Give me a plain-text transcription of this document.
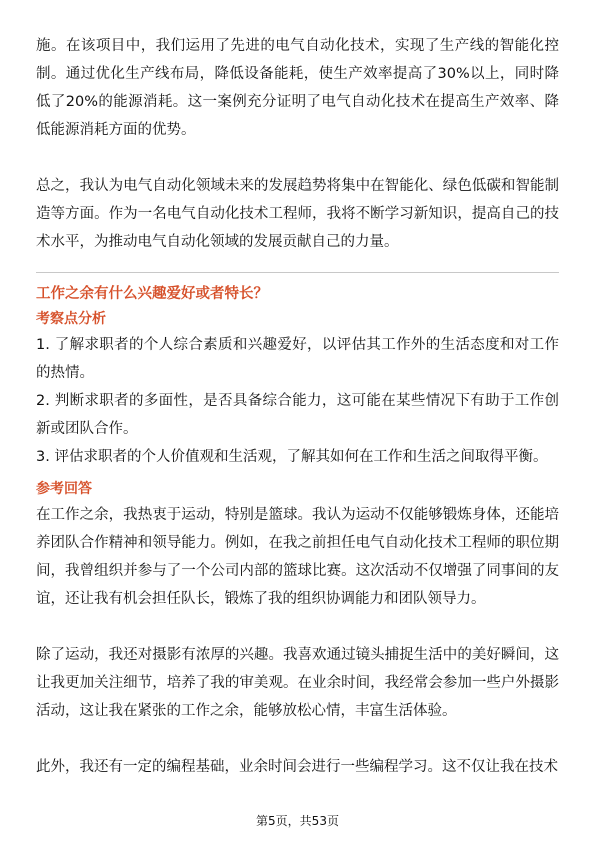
施。在该项目中，我们运用了先进的电气自动化技术，实现了生产线的智能化控制。通过优化生产线布局，降低设备能耗，使生产效率提高了30%以上，同时降低了20%的能源消耗。这一案例充分证明了电气自动化技术在提高生产效率、降低能源消耗方面的优势。

总之，我认为电气自动化领域未来的发展趋势将集中在智能化、绿色低碳和智能制造等方面。作为一名电气自动化技术工程师，我将不断学习新知识，提高自己的技术水平，为推动电气自动化领域的发展贡献自己的力量。

工作之余有什么兴趣爱好或者特长？

考察点分析

1. 了解求职者的个人综合素质和兴趣爱好，以评估其工作外的生活态度和对工作的热情。

2. 判断求职者的多面性，是否具备综合能力，这可能在某些情况下有助于工作创新或团队合作。

3. 评估求职者的个人价值观和生活观，了解其如何在工作和生活之间取得平衡。

参考回答

在工作之余，我热衷于运动，特别是篮球。我认为运动不仅能够锻炼身体，还能培养团队合作精神和领导能力。例如，在我之前担任电气自动化技术工程师的职位期间，我曾组织并参与了一个公司内部的篮球比赛。这次活动不仅增强了同事间的友谊，还让我有机会担任队长，锻炼了我的组织协调能力和团队领导力。

除了运动，我还对摄影有浓厚的兴趣。我喜欢通过镜头捕捉生活中的美好瞬间，这让我更加关注细节，培养了我的审美观。在业余时间，我经常会参加一些户外摄影活动，这让我在紧张的工作之余，能够放松心情，丰富生活体验。

此外，我还有一定的编程基础，业余时间会进行一些编程学习。这不仅让我在技术

第5页，共53页
